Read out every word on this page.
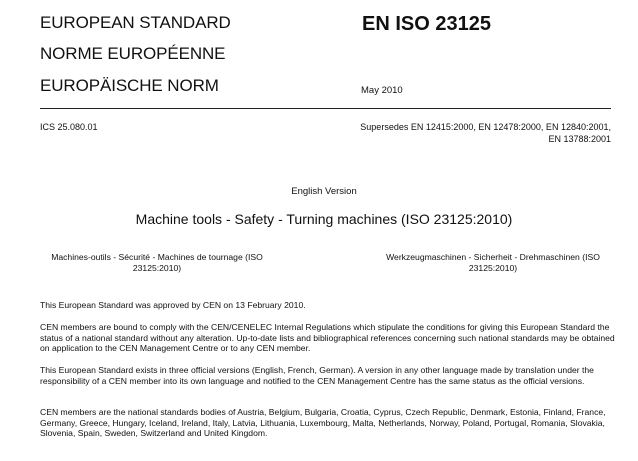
EUROPEAN STANDARD
NORME EUROPÉENNE
EUROPÄISCHE NORM
EN ISO 23125
May 2010
ICS 25.080.01	Supersedes EN 12415:2000, EN 12478:2000, EN 12840:2001, EN 13788:2001
English Version
Machine tools - Safety - Turning machines (ISO 23125:2010)
Machines-outils - Sécurité - Machines de tournage (ISO 23125:2010)
Werkzeugmaschinen - Sicherheit - Drehmaschinen (ISO 23125:2010)
This European Standard was approved by CEN on 13 February 2010.
CEN members are bound to comply with the CEN/CENELEC Internal Regulations which stipulate the conditions for giving this European Standard the status of a national standard without any alteration. Up-to-date lists and bibliographical references concerning such national standards may be obtained on application to the CEN Management Centre or to any CEN member.
This European Standard exists in three official versions (English, French, German). A version in any other language made by translation under the responsibility of a CEN member into its own language and notified to the CEN Management Centre has the same status as the official versions.
CEN members are the national standards bodies of Austria, Belgium, Bulgaria, Croatia, Cyprus, Czech Republic, Denmark, Estonia, Finland, France, Germany, Greece, Hungary, Iceland, Ireland, Italy, Latvia, Lithuania, Luxembourg, Malta, Netherlands, Norway, Poland, Portugal, Romania, Slovakia, Slovenia, Spain, Sweden, Switzerland and United Kingdom.
